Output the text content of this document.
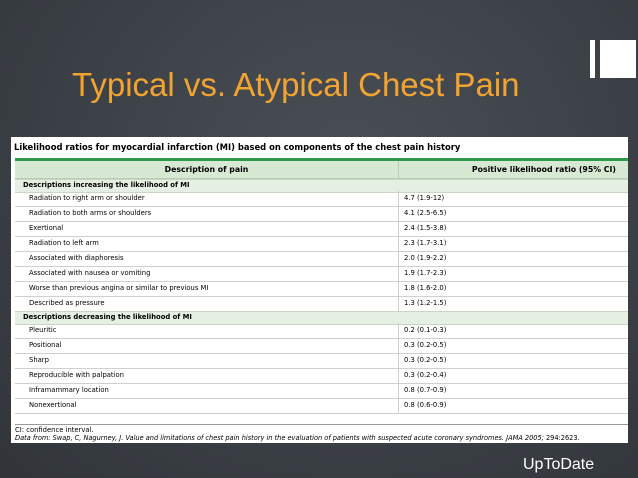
Typical vs. Atypical Chest Pain
Likelihood ratios for myocardial infarction (MI) based on components of the chest pain history
Description of pain	Positive likelihood ratio (95% CI)
Descriptions increasing the likelihood of MI
Radiation to right arm or shoulder	4.7 (1.9-12)
Radiation to both arms or shoulders	4.1 (2.5-6.5)
Exertional	2.4 (1.5-3.8)
Radiation to left arm	2.3 (1.7-3.1)
Associated with diaphoresis	2.0 (1.9-2.2)
Associated with nausea or vomiting	1.9 (1.7-2.3)
Worse than previous angina or similar to previous MI	1.8 (1.6-2.0)
Described as pressure	1.3 (1.2-1.5)
Descriptions decreasing the likelihood of MI
Pleuritic	0.2 (0.1-0.3)
Positional	0.3 (0.2-0.5)
Sharp	0.3 (0.2-0.5)
Reproducible with palpation	0.3 (0.2-0.4)
Inframammary location	0.8 (0.7-0.9)
Nonexertional	0.8 (0.6-0.9)
CI: confidence interval.
Data from: Swap, C, Nagurney, J. Value and limitations of chest pain history in the evaluation of patients with suspected acute coronary syndromes. JAMA 2005; 294:2623.
UpToDate
